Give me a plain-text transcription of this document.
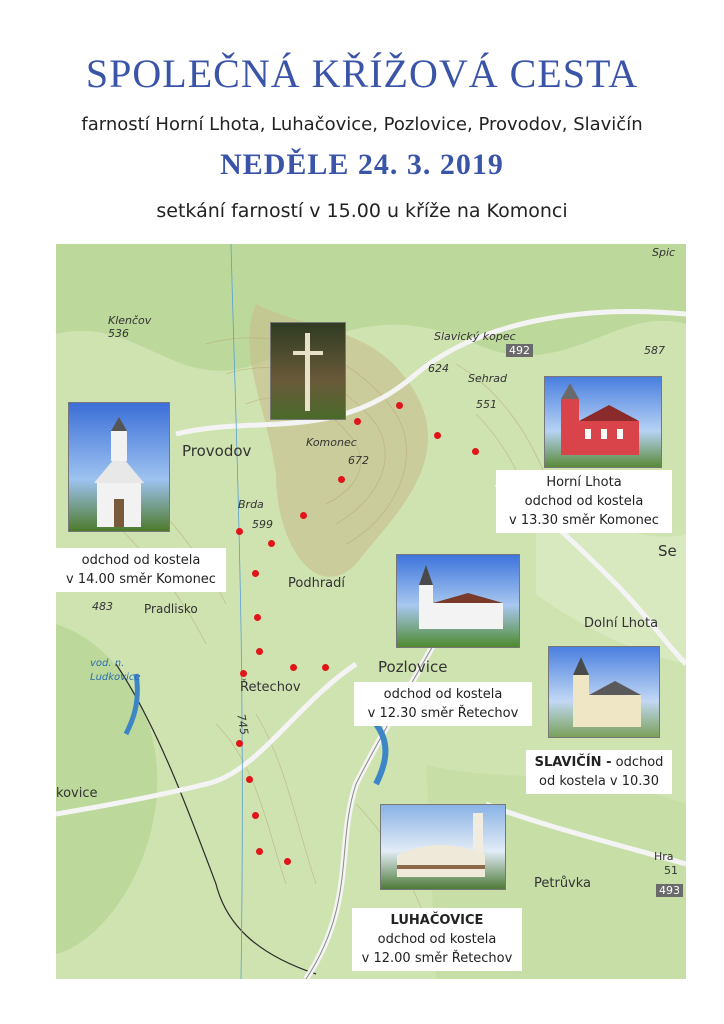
SPOLEČNÁ KŘÍŽOVÁ CESTA
farností Horní Lhota, Luhačovice, Pozlovice, Provodov, Slavičín
NEDĚLE 24. 3. 2019
setkání farností v 15.00 u kříže na Komonci
Klenčov
536	Slavický kopec
624
Sehrad
551
587
492
Spic
Provodov	Komonec
672
Brda
599
Se
483
Podhradí
Pradlisko
Dolní Lhota
vod. n.
Ludkovice
Pozlovice
Řetechov
745
kovice
Hra
51
Petrůvka	493
Horní Lhota
odchod od kostela
v 13.30 směr Komonec
odchod od kostela
v 14.00 směr Komonec
odchod od kostela
v 12.30 směr Řetechov
SLAVIČÍN - odchod
od kostela v 10.30
LUHAČOVICE
odchod od kostela
v 12.00 směr Řetechov
